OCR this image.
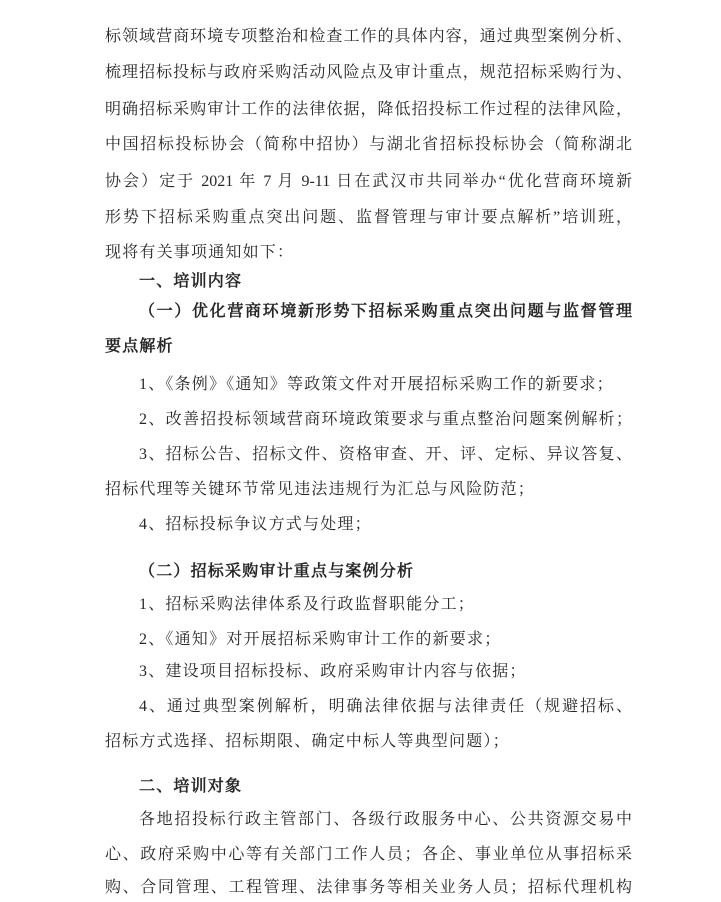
标领域营商环境专项整治和检查工作的具体内容，通过典型案例分析、
梳理招标投标与政府采购活动风险点及审计重点，规范招标采购行为、
明确招标采购审计工作的法律依据，降低招投标工作过程的法律风险，
中国招标投标协会（简称中招协）与湖北省招标投标协会（简称湖北
协会）定于 2021 年 7 月 9-11 日在武汉市共同举办“优化营商环境新
形势下招标采购重点突出问题、监督管理与审计要点解析”培训班，
现将有关事项通知如下：
一、培训内容
（一）优化营商环境新形势下招标采购重点突出问题与监督管理
要点解析
1、《条例》《通知》等政策文件对开展招标采购工作的新要求；
2、改善招投标领域营商环境政策要求与重点整治问题案例解析；
3、招标公告、招标文件、资格审查、开、评、定标、异议答复、
招标代理等关键环节常见违法违规行为汇总与风险防范；
4、招标投标争议方式与处理；
（二）招标采购审计重点与案例分析
1、招标采购法律体系及行政监督职能分工；
2、《通知》对开展招标采购审计工作的新要求；
3、建设项目招标投标、政府采购审计内容与依据；
4、通过典型案例解析，明确法律依据与法律责任（规避招标、
招标方式选择、招标期限、确定中标人等典型问题）；
二、培训对象
各地招投标行政主管部门、各级行政服务中心、公共资源交易中
心、政府采购中心等有关部门工作人员；各企、事业单位从事招标采
购、合同管理、工程管理、法律事务等相关业务人员；招标代理机构
